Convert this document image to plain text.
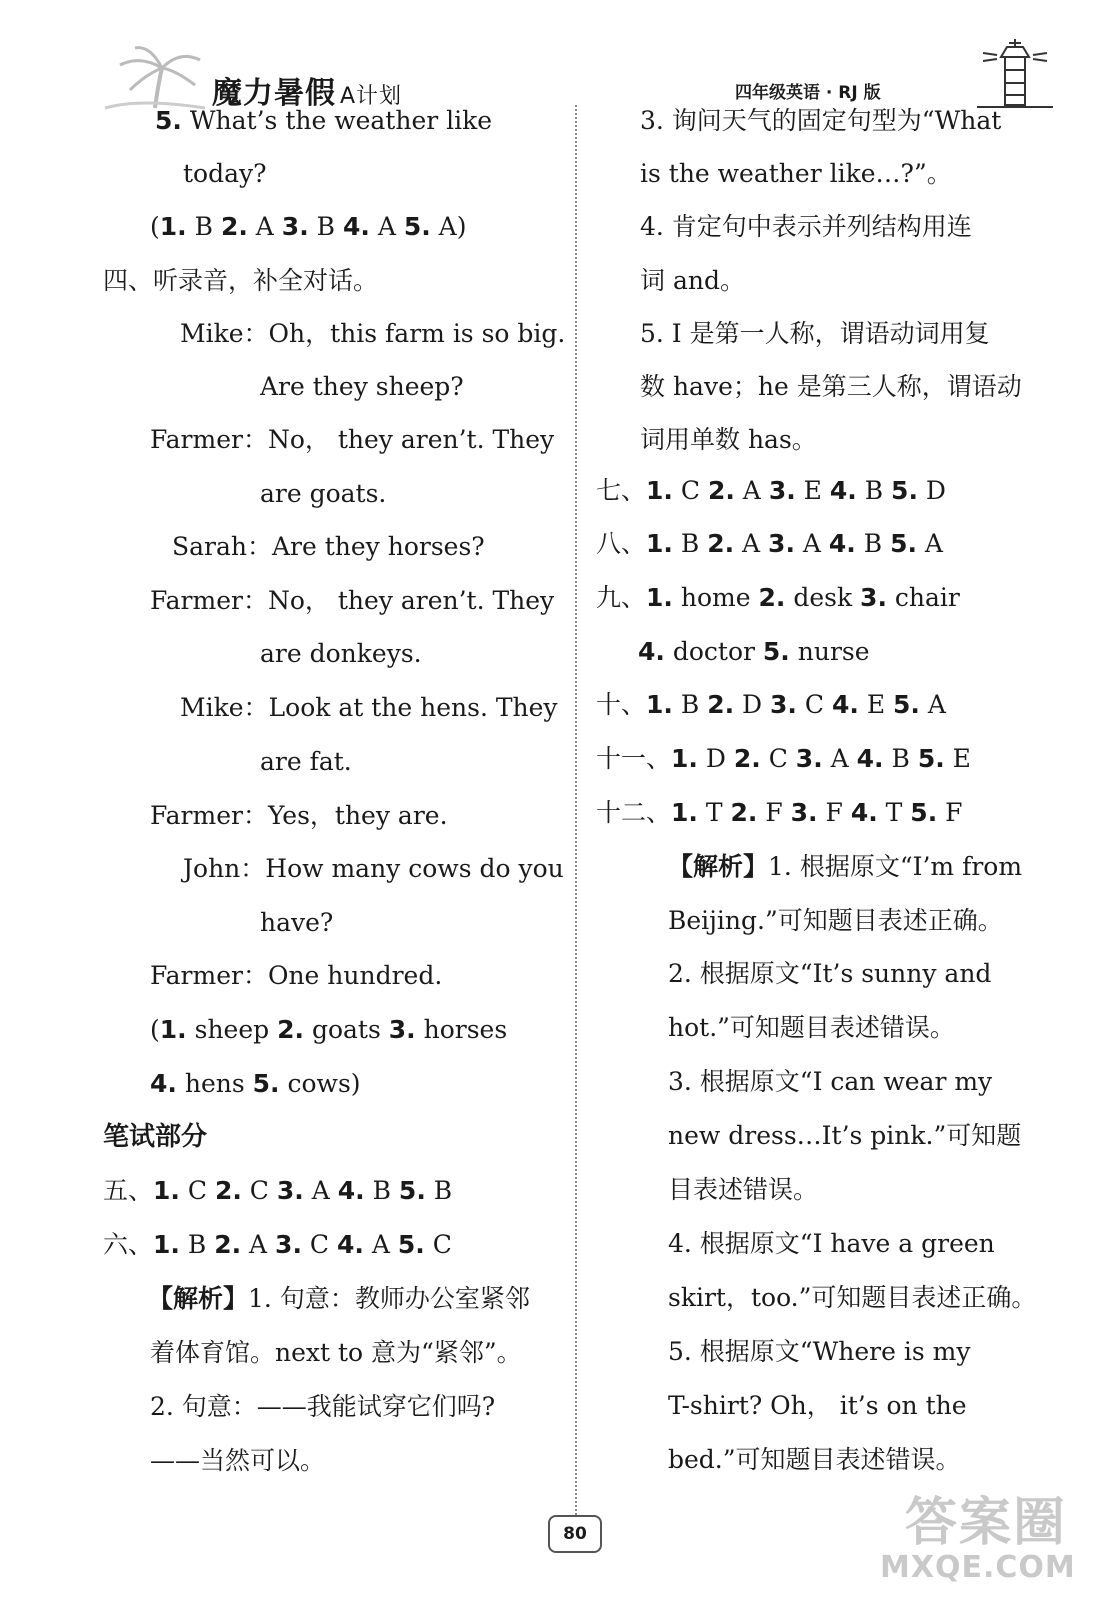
魔力暑假 A计划	四年级英语 · RJ 版
5. What’s the weather like
today?
(1. B 2. A 3. B 4. A 5. A)
四、听录音，补全对话。
Mike：Oh，this farm is so big.
Are they sheep?
Farmer：No， they aren’t. They
are goats.
Sarah：Are they horses?
Farmer：No， they aren’t. They
are donkeys.
Mike：Look at the hens. They
are fat.
Farmer：Yes，they are.
John：How many cows do you
have?
Farmer：One hundred.
(1. sheep 2. goats 3. horses
4. hens 5. cows)
笔试部分
五、1. C 2. C 3. A 4. B 5. B
六、1. B 2. A 3. C 4. A 5. C
【解析】1. 句意：教师办公室紧邻
着体育馆。next to 意为“紧邻”。
2. 句意：——我能试穿它们吗?
——当然可以。
3. 询问天气的固定句型为“What
is the weather like…?”。
4. 肯定句中表示并列结构用连
词 and。
5. I 是第一人称，谓语动词用复
数 have；he 是第三人称，谓语动
词用单数 has。
七、1. C 2. A 3. E 4. B 5. D
八、1. B 2. A 3. A 4. B 5. A
九、1. home 2. desk 3. chair
4. doctor 5. nurse
十、1. B 2. D 3. C 4. E 5. A
十一、1. D 2. C 3. A 4. B 5. E
十二、1. T 2. F 3. F 4. T 5. F
【解析】1. 根据原文“I’m from
Beijing.”可知题目表述正确。
2. 根据原文“It’s sunny and
hot.”可知题目表述错误。
3. 根据原文“I can wear my
new dress…It’s pink.”可知题
目表述错误。
4. 根据原文“I have a green
skirt，too.”可知题目表述正确。
5. 根据原文“Where is my
T-shirt? Oh， it’s on the
bed.”可知题目表述错误。
80	答案圈
MXQE.COM
